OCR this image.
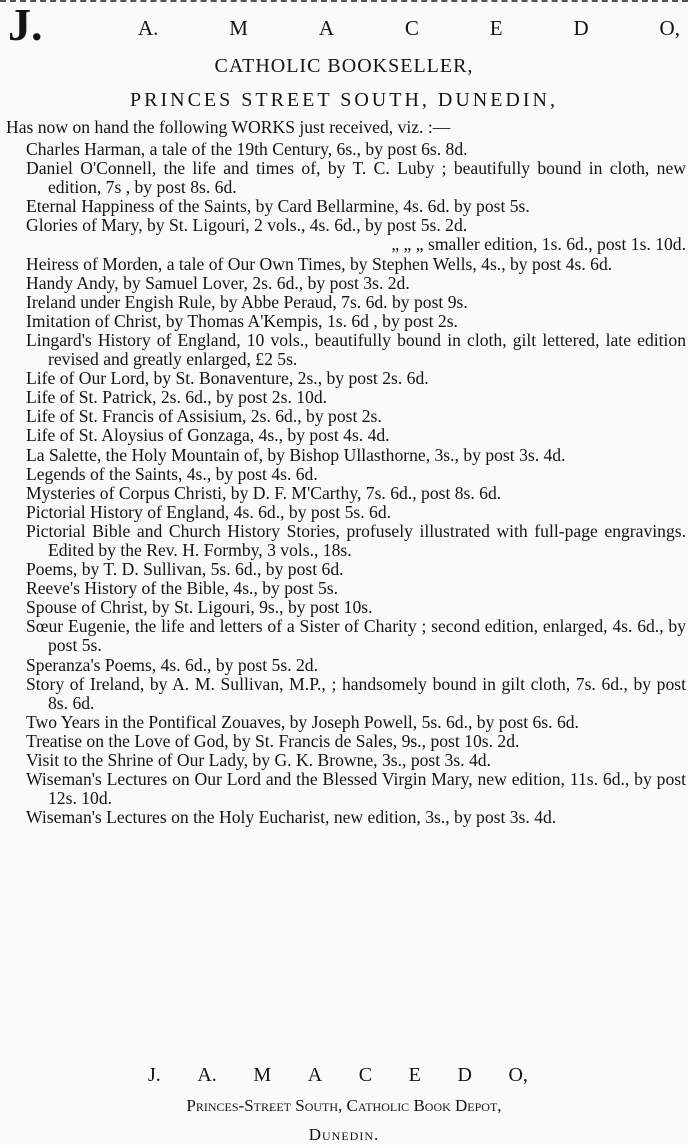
J.	A.	M	A	C	E	D	O,
CATHOLIC BOOKSELLER,
PRINCES STREET SOUTH, DUNEDIN,
Has now on hand the following WORKS just received, viz. :—
Charles Harman, a tale of the 19th Century, 6s., by post 6s. 8d.
Daniel O'Connell, the life and times of, by T. C. Luby ; beautifully bound in cloth, new edition, 7s , by post 8s. 6d.
Eternal Happiness of the Saints, by Card Bellarmine, 4s. 6d. by post 5s.
Glories of Mary, by St. Ligouri, 2 vols., 4s. 6d., by post 5s. 2d.
„ „ „ smaller edition, 1s. 6d., post 1s. 10d.
Heiress of Morden, a tale of Our Own Times, by Stephen Wells, 4s., by post 4s. 6d.
Handy Andy, by Samuel Lover, 2s. 6d., by post 3s. 2d.
Ireland under Engish Rule, by Abbe Peraud, 7s. 6d. by post 9s.
Imitation of Christ, by Thomas A'Kempis, 1s. 6d , by post 2s.
Lingard's History of England, 10 vols., beautifully bound in cloth, gilt lettered, late edition revised and greatly enlarged, £2 5s.
Life of Our Lord, by St. Bonaventure, 2s., by post 2s. 6d.
Life of St. Patrick, 2s. 6d., by post 2s. 10d.
Life of St. Francis of Assisium, 2s. 6d., by post 2s.
Life of St. Aloysius of Gonzaga, 4s., by post 4s. 4d.
La Salette, the Holy Mountain of, by Bishop Ullasthorne, 3s., by post 3s. 4d.
Legends of the Saints, 4s., by post 4s. 6d.
Mysteries of Corpus Christi, by D. F. M'Carthy, 7s. 6d., post 8s. 6d.
Pictorial History of England, 4s. 6d., by post 5s. 6d.
Pictorial Bible and Church History Stories, profusely illustrated with full-page engravings. Edited by the Rev. H. Formby, 3 vols., 18s.
Poems, by T. D. Sullivan, 5s. 6d., by post 6d.
Reeve's History of the Bible, 4s., by post 5s.
Spouse of Christ, by St. Ligouri, 9s., by post 10s.
Sœur Eugenie, the life and letters of a Sister of Charity ; second edition, enlarged, 4s. 6d., by post 5s.
Speranza's Poems, 4s. 6d., by post 5s. 2d.
Story of Ireland, by A. M. Sullivan, M.P., ; handsomely bound in gilt cloth, 7s. 6d., by post 8s. 6d.
Two Years in the Pontifical Zouaves, by Joseph Powell, 5s. 6d., by post 6s. 6d.
Treatise on the Love of God, by St. Francis de Sales, 9s., post 10s. 2d.
Visit to the Shrine of Our Lady, by G. K. Browne, 3s., post 3s. 4d.
Wiseman's Lectures on Our Lord and the Blessed Virgin Mary, new edition, 11s. 6d., by post 12s. 10d.
Wiseman's Lectures on the Holy Eucharist, new edition, 3s., by post 3s. 4d.
J. A. M A C E D O,
Princes-Street South, Catholic Book Depot,
Dunedin.
